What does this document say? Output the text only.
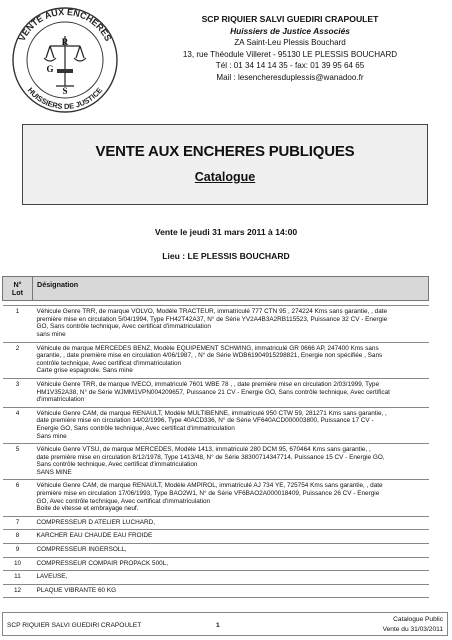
VENTE AUX ENCHERES
HUISSIERS DE JUSTICE
R
G
S
SCP RIQUIER SALVI GUEDIRI CRAPOULET
Huissiers de Justice Associés
ZA Saint-Leu Plessis Bouchard
13, rue Théodule Villeret - 95130 LE PLESSIS BOUCHARD
Tél : 01 34 14 14 35 - fax: 01 39 95 64 65
Mail : lesencheresduplessis@wanadoo.fr
VENTE AUX ENCHERES PUBLIQUES
Catalogue
Vente le jeudi 31 mars 2011 à 14:00
Lieu : LE PLESSIS BOUCHARD
N° Lot	Désignation

1	Véhicule Genre TRR, de marque VOLVO, Modèle TRACTEUR, immatriculé 777 CTN 95 , 274224 Kms sans garantie, , date
première mise en circulation 5/04/1994, Type FH42T42A37, N° de Série YV2A4B3A2RB115523, Puissance 32 CV - Energie
GO, Sans contrôle technique, Avec certificat d'immatriculation
sans mine

2	Véhicule de marque MERCEDES BENZ, Modèle EQUIPEMENT SCHWING, immatriculé GR 0666 AP, 247400 Kms sans
garantie, , date première mise en circulation 4/06/1987, , N° de Série WDB61904915298821, Energie non spécifiée , Sans
contrôle technique, Avec certificat d'immatriculation
Carte grise espagnole. Sans mine

3	Véhicule Genre TRR, de marque IVECO, immatriculé 7601 WBE 78 , , date première mise en circulation 2/03/1999, Type
HM1V352A38, N° de Série WJMM1VPN004209657, Puissance 21 CV - Energie GO, Sans contrôle technique, Avec certificat
d'immatriculation

4	Véhicule Genre CAM, de marque RENAULT, Modèle MULTIBENNE, immatriculé 950 CTW 59, 281271 Kms sans garantie, ,
date première mise en circulation 14/02/1996, Type 40ACD336, N° de Série VF640ACD000003800, Puissance 17 CV -
Energie GO, Sans contrôle technique, Avec certificat d'immatriculation
Sans mine

5	Véhicule Genre VTSU, de marque MERCEDES, Modèle 1413, immatriculé 280 DCM 95, 670464 Kms sans garantie, ,
date première mise en circulation 8/12/1978, Type 1413/48, N° de Série 38300714347714, Puissance 15 CV - Energie GO,
Sans contrôle technique, Avec certificat d'immatriculation
SANS MINE

6	Véhicule Genre CAM, de marque RENAULT, Modèle AMPIROL, immatriculé AJ 734 YE, 725754 Kms sans garantie, , date
première mise en circulation 17/06/1993, Type BAO2W1, N° de Série VF6BAO2A000018409, Puissance 26 CV - Energie
GO, Avec contrôle technique, Avec certificat d'immatriculation
Boite de vitesse et embrayage neuf.

7	COMPRESSEUR D ATELIER LUCHARD,

8	KARCHER EAU CHAUDE EAU FROIDE

9	COMPRESSEUR INGERSOLL,

10	COMPRESSEUR COMPAIR PROPACK 500L,

11	LAVEUSE,

12	PLAQUE VIBRANTE 60 KG
SCP RIQUIER SALVI GUEDIRI CRAPOULET	1
Catalogue Public
Vente du 31/03/2011
